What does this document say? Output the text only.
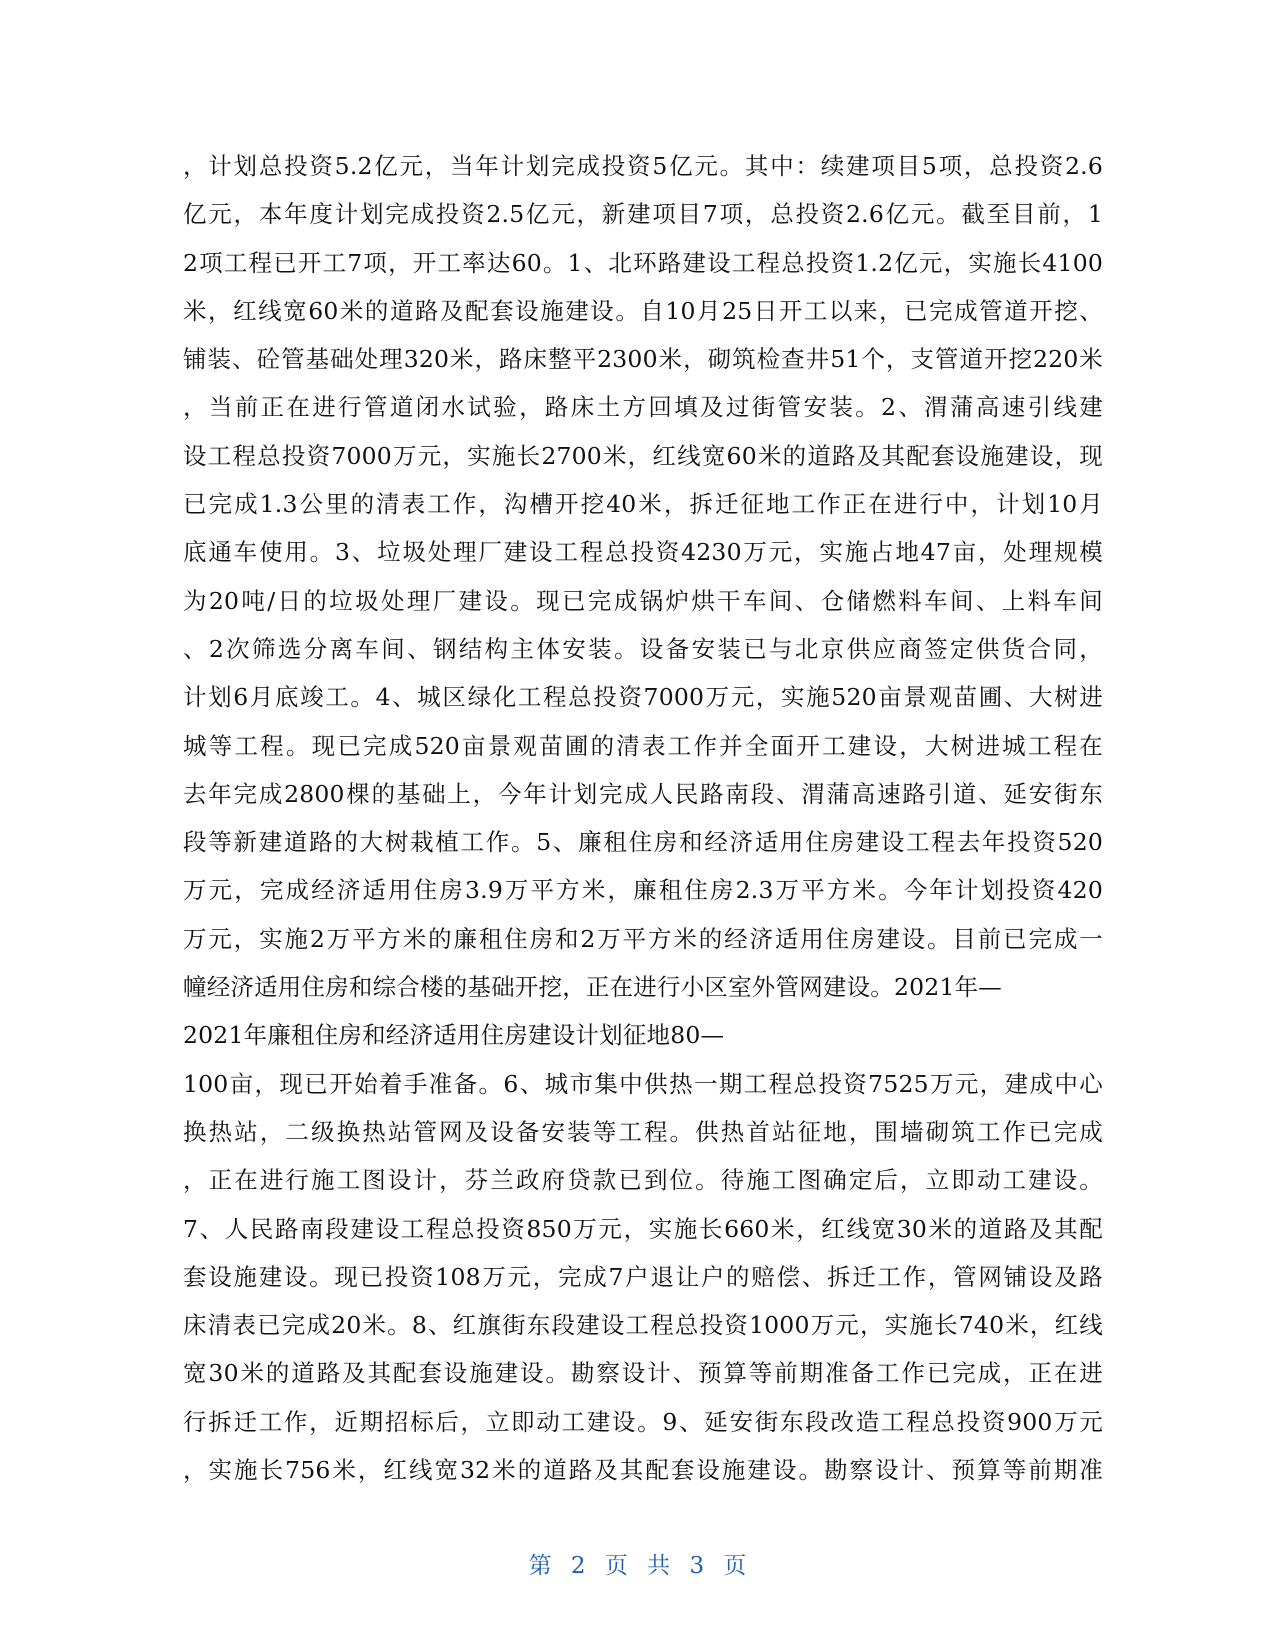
，计划总投资5.2亿元，当年计划完成投资5亿元。其中：续建项目5项，总投资2.6
亿元，本年度计划完成投资2.5亿元，新建项目7项，总投资2.6亿元。截至目前，1
2项工程已开工7项，开工率达60。1、北环路建设工程总投资1.2亿元，实施长4100
米，红线宽60米的道路及配套设施建设。自10月25日开工以来，已完成管道开挖、
铺装、砼管基础处理320米，路床整平2300米，砌筑检查井51个，支管道开挖220米
，当前正在进行管道闭水试验，路床土方回填及过街管安装。2、渭蒲高速引线建
设工程总投资7000万元，实施长2700米，红线宽60米的道路及其配套设施建设，现
已完成1.3公里的清表工作，沟槽开挖40米，拆迁征地工作正在进行中，计划10月
底通车使用。3、垃圾处理厂建设工程总投资4230万元，实施占地47亩，处理规模
为20吨/日的垃圾处理厂建设。现已完成锅炉烘干车间、仓储燃料车间、上料车间
、2次筛选分离车间、钢结构主体安装。设备安装已与北京供应商签定供货合同，
计划6月底竣工。4、城区绿化工程总投资7000万元，实施520亩景观苗圃、大树进
城等工程。现已完成520亩景观苗圃的清表工作并全面开工建设，大树进城工程在
去年完成2800棵的基础上，今年计划完成人民路南段、渭蒲高速路引道、延安街东
段等新建道路的大树栽植工作。5、廉租住房和经济适用住房建设工程去年投资520
万元，完成经济适用住房3.9万平方米，廉租住房2.3万平方米。今年计划投资420
万元，实施2万平方米的廉租住房和2万平方米的经济适用住房建设。目前已完成一
幢经济适用住房和综合楼的基础开挖，正在进行小区室外管网建设。2021年—
2021年廉租住房和经济适用住房建设计划征地80—
100亩，现已开始着手准备。6、城市集中供热一期工程总投资7525万元，建成中心
换热站，二级换热站管网及设备安装等工程。供热首站征地，围墙砌筑工作已完成
，正在进行施工图设计，芬兰政府贷款已到位。待施工图确定后，立即动工建设。
7、人民路南段建设工程总投资850万元，实施长660米，红线宽30米的道路及其配
套设施建设。现已投资108万元，完成7户退让户的赔偿、拆迁工作，管网铺设及路
床清表已完成20米。8、红旗街东段建设工程总投资1000万元，实施长740米，红线
宽30米的道路及其配套设施建设。勘察设计、预算等前期准备工作已完成，正在进
行拆迁工作，近期招标后，立即动工建设。9、延安街东段改造工程总投资900万元
，实施长756米，红线宽32米的道路及其配套设施建设。勘察设计、预算等前期准
第 2 页 共 3 页
